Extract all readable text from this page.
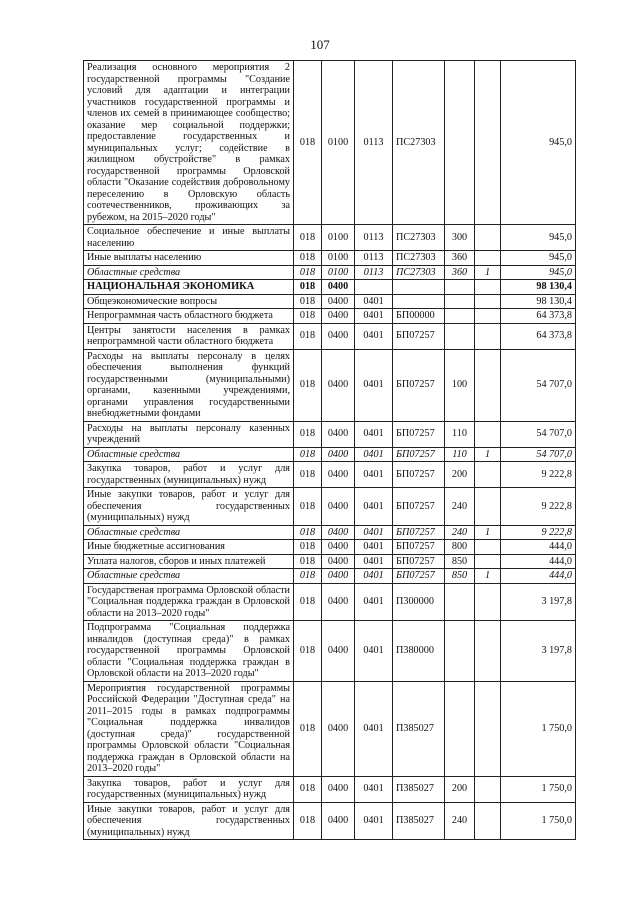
107
Реализация основного мероприятия 2 государственной программы "Создание условий для адаптации и интеграции участников государственной программы и членов их семей в принимающее сообщество; оказание мер социальной поддержки; предоставление государственных и муниципальных услуг; содействие в жилищном обустройстве" в рамках государственной программы Орловской области "Оказание содействия добровольному переселению в Орловскую область соотечественников, проживающих за рубежом, на 2015–2020 годы"	018	0100	0113	ПС27303			945,0
Социальное обеспечение и иные выплаты населению	018	0100	0113	ПС27303	300		945,0
Иные выплаты населению	018	0100	0113	ПС27303	360		945,0
Областные средства	018	0100	0113	ПС27303	360	1	945,0
НАЦИОНАЛЬНАЯ ЭКОНОМИКА	018	0400					98 130,4
Общеэкономические вопросы	018	0400	0401				98 130,4
Непрограммная часть областного бюджета	018	0400	0401	БП00000			64 373,8
Центры занятости населения в рамках непрограммной части областного бюджета	018	0400	0401	БП07257			64 373,8
Расходы на выплаты персоналу в целях обеспечения выполнения функций государственными (муниципальными) органами, казенными учреждениями, органами управления государственными внебюджетными фондами	018	0400	0401	БП07257	100		54 707,0
Расходы на выплаты персоналу казенных учреждений	018	0400	0401	БП07257	110		54 707,0
Областные средства	018	0400	0401	БП07257	110	1	54 707,0
Закупка товаров, работ и услуг для государственных (муниципальных) нужд	018	0400	0401	БП07257	200		9 222,8
Иные закупки товаров, работ и услуг для обеспечения государственных (муниципальных) нужд	018	0400	0401	БП07257	240		9 222,8
Областные средства	018	0400	0401	БП07257	240	1	9 222,8
Иные бюджетные ассигнования	018	0400	0401	БП07257	800		444,0
Уплата налогов, сборов и иных платежей	018	0400	0401	БП07257	850		444,0
Областные средства	018	0400	0401	БП07257	850	1	444,0
Государственая программа Орловской области "Социальная поддержка граждан в Орловской области на 2013–2020 годы"	018	0400	0401	П300000			3 197,8
Подпрограмма "Социальная поддержка инвалидов (доступная среда)" в рамках государственной программы Орловской области "Социальная поддержка граждан в Орловской области на 2013–2020 годы"	018	0400	0401	П380000			3 197,8
Мероприятия государственной программы Российской Федерации "Доступная среда" на 2011–2015 годы в рамках подпрограммы "Социальная поддержка инвалидов (доступная среда)" государственной программы Орловской области "Социальная поддержка граждан в Орловской области на 2013–2020 годы"	018	0400	0401	П385027			1 750,0
Закупка товаров, работ и услуг для государственных (муниципальных) нужд	018	0400	0401	П385027	200		1 750,0
Иные закупки товаров, работ и услуг для обеспечения государственных (муниципальных) нужд	018	0400	0401	П385027	240		1 750,0
